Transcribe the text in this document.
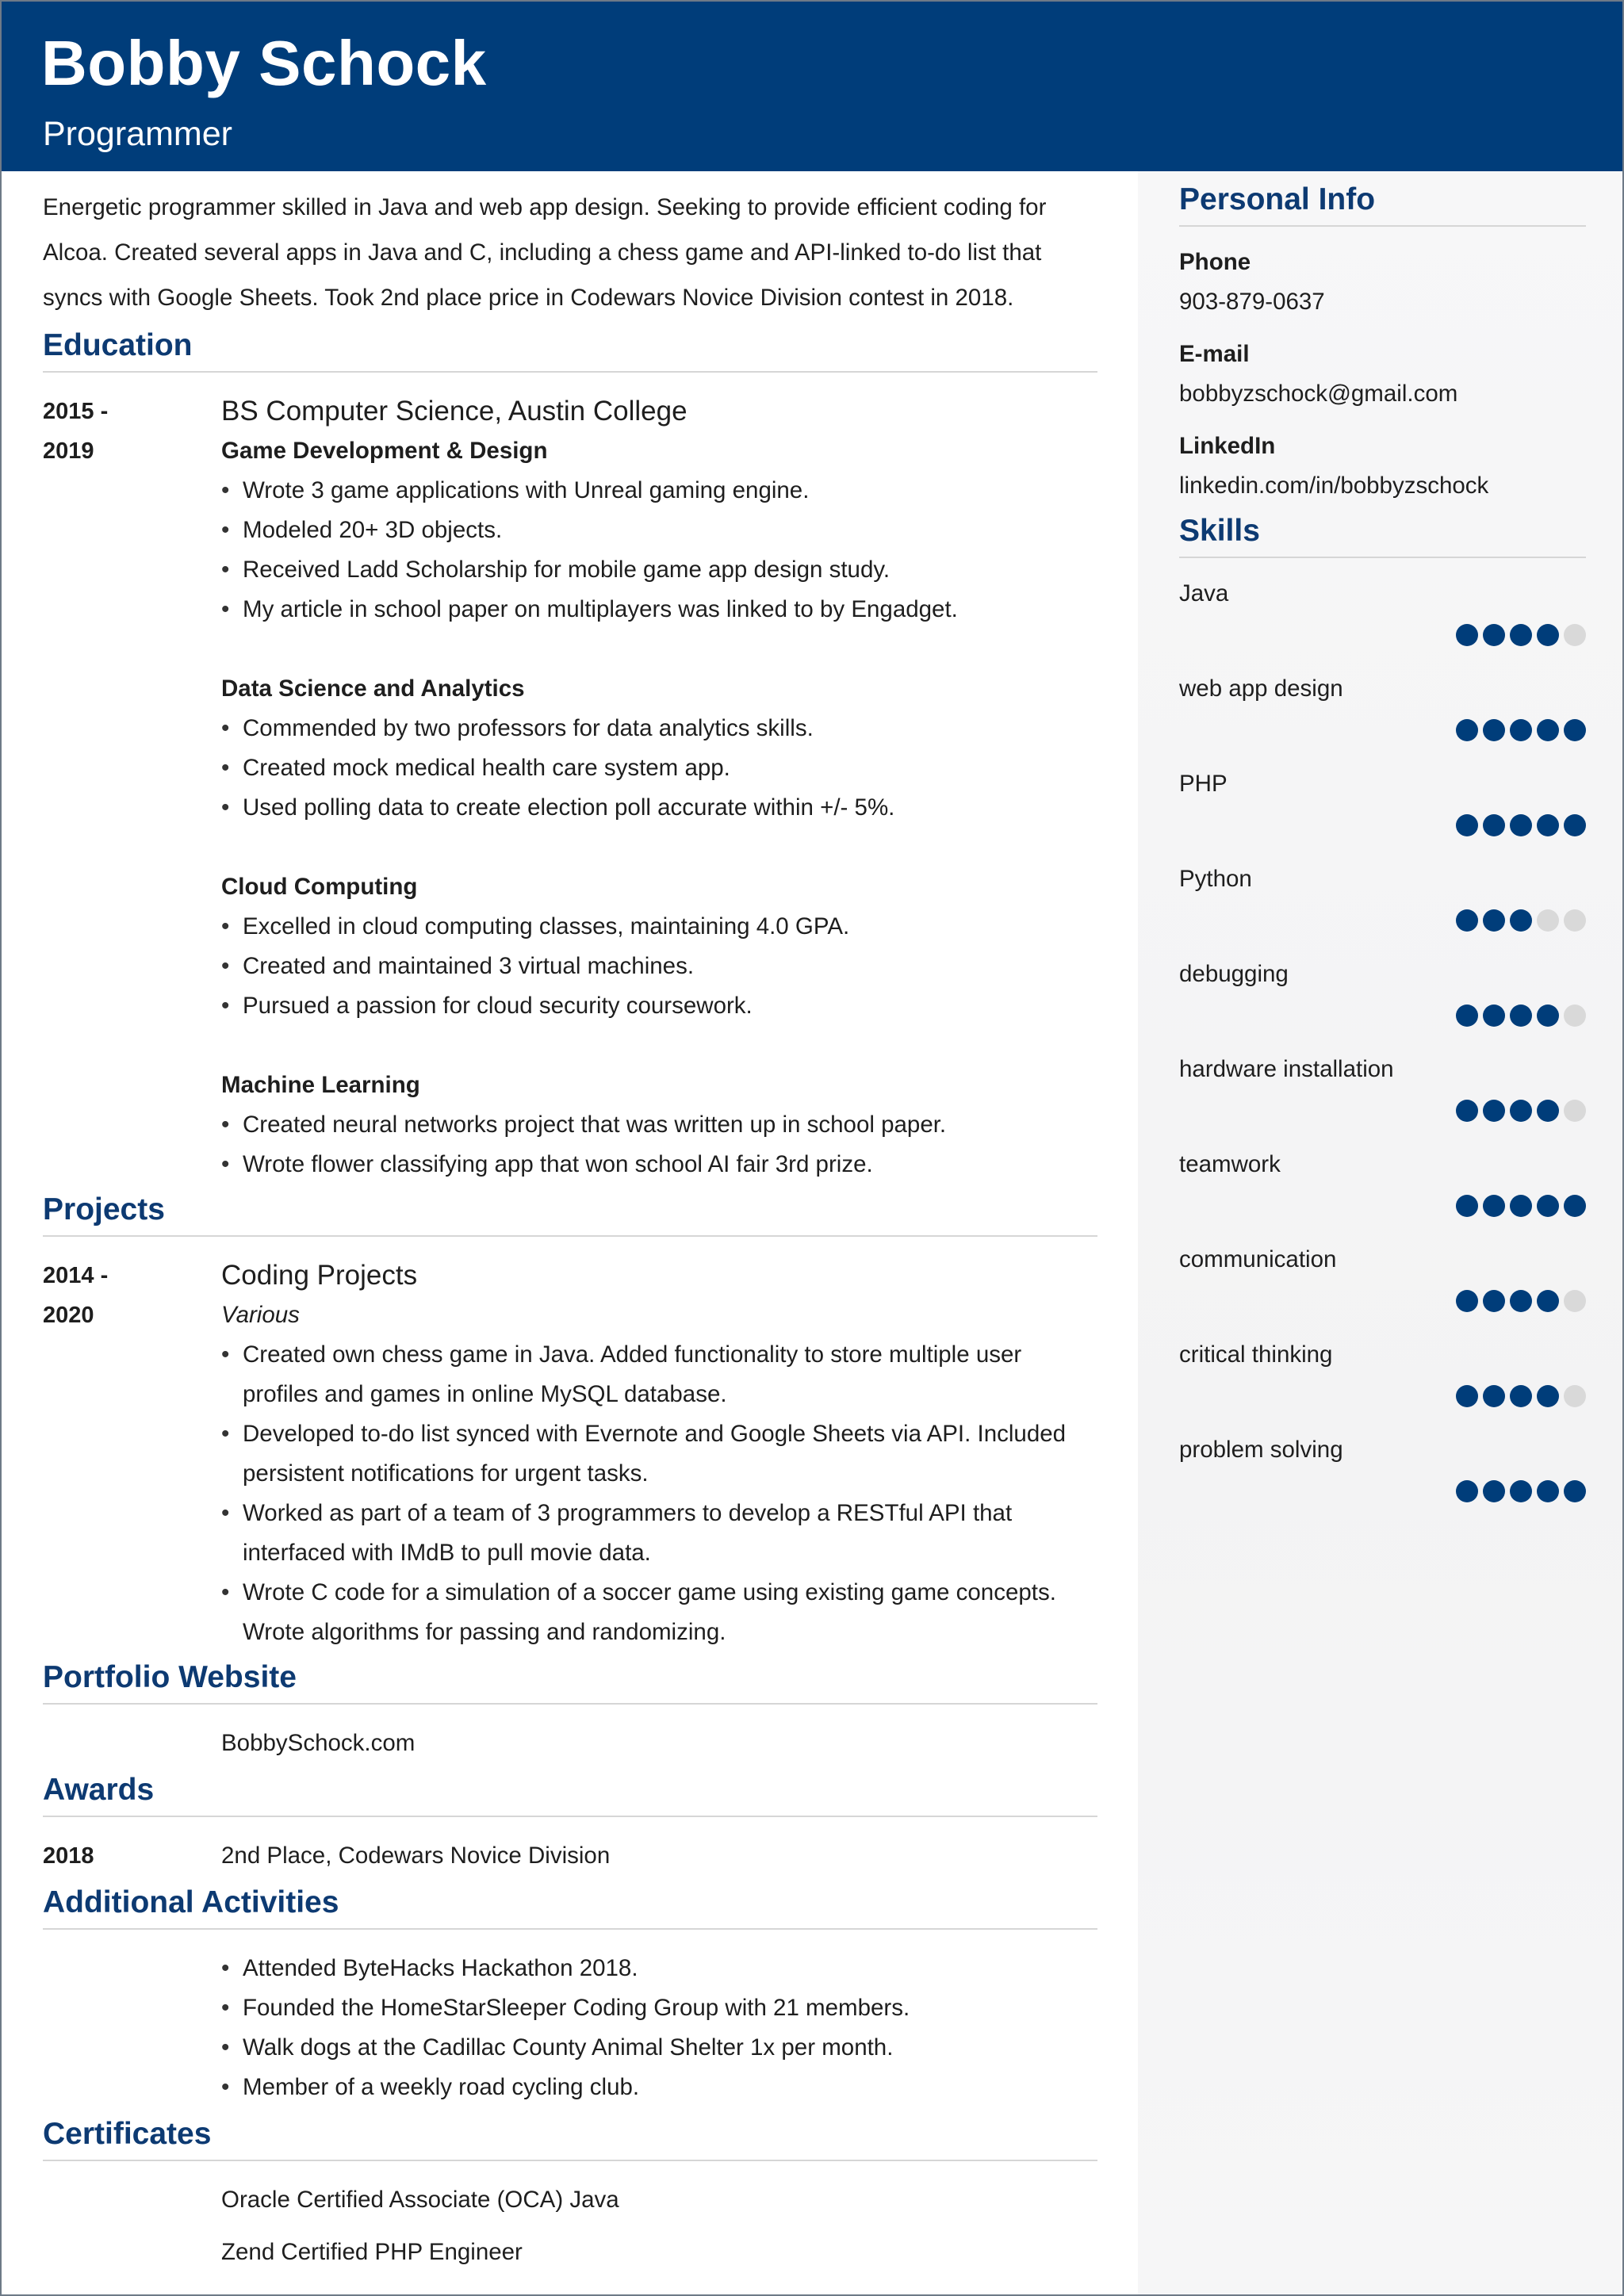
Bobby Schock
Programmer
Energetic programmer skilled in Java and web app design. Seeking to provide efficient coding for Alcoa. Created several apps in Java and C, including a chess game and API-linked to-do list that syncs with Google Sheets. Took 2nd place price in Codewars Novice Division contest in 2018.
Education
2015 -
2019
BS Computer Science, Austin College
Game Development & Design
• Wrote 3 game applications with Unreal gaming engine.
• Modeled 20+ 3D objects.
• Received Ladd Scholarship for mobile game app design study.
• My article in school paper on multiplayers was linked to by Engadget.
Data Science and Analytics
• Commended by two professors for data analytics skills.
• Created mock medical health care system app.
• Used polling data to create election poll accurate within +/- 5%.
Cloud Computing
• Excelled in cloud computing classes, maintaining 4.0 GPA.
• Created and maintained 3 virtual machines.
• Pursued a passion for cloud security coursework.
Machine Learning
• Created neural networks project that was written up in school paper.
• Wrote flower classifying app that won school AI fair 3rd prize.
Projects
2014 -
2020
Coding Projects
Various
• Created own chess game in Java. Added functionality to store multiple user profiles and games in online MySQL database.
• Developed to-do list synced with Evernote and Google Sheets via API. Included persistent notifications for urgent tasks.
• Worked as part of a team of 3 programmers to develop a RESTful API that interfaced with IMdB to pull movie data.
• Wrote C code for a simulation of a soccer game using existing game concepts. Wrote algorithms for passing and randomizing.
Portfolio Website
BobbySchock.com
Awards
2018	2nd Place, Codewars Novice Division
Additional Activities
• Attended ByteHacks Hackathon 2018.
• Founded the HomeStarSleeper Coding Group with 21 members.
• Walk dogs at the Cadillac County Animal Shelter 1x per month.
• Member of a weekly road cycling club.
Certificates
Oracle Certified Associate (OCA) Java
Zend Certified PHP Engineer
Personal Info
Phone
903-879-0637
E-mail
bobbyzschock@gmail.com
LinkedIn
linkedin.com/in/bobbyzschock
Skills
Java
web app design
PHP
Python
debugging
hardware installation
teamwork
communication
critical thinking
problem solving
